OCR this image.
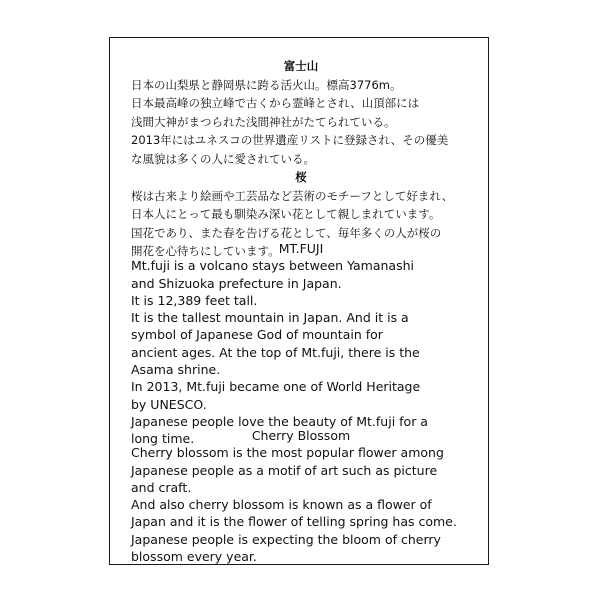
富士山
日本の山梨県と静岡県に跨る活火山。標高3776m。
日本最高峰の独立峰で古くから霊峰とされ、山頂部には
浅間大神がまつられた浅間神社がたてられている。
2013年にはユネスコの世界遺産リストに登録され、その優美
な風貌は多くの人に愛されている。
桜
桜は古来より絵画や工芸品など芸術のモチーフとして好まれ、
日本人にとって最も馴染み深い花として親しまれています。
国花であり、また春を告げる花として、毎年多くの人が桜の
開花を心待ちにしています。 MT.FUJI
Mt.fuji is a volcano stays between Yamanashi
and Shizuoka prefecture in Japan.
It is 12,389 feet tall.
It is the tallest mountain in Japan. And it is a
symbol of Japanese God of mountain for
ancient ages. At the top of Mt.fuji, there is the
Asama shrine.
In 2013, Mt.fuji became one of World Heritage
by UNESCO.
Japanese people love the beauty of Mt.fuji for a
long time.	Cherry Blossom
Cherry blossom is the most popular flower among
Japanese people as a motif of art such as picture
and craft.
And also cherry blossom is known as a flower of
Japan and it is the flower of telling spring has come.
Japanese people is expecting the bloom of cherry
blossom every year.
